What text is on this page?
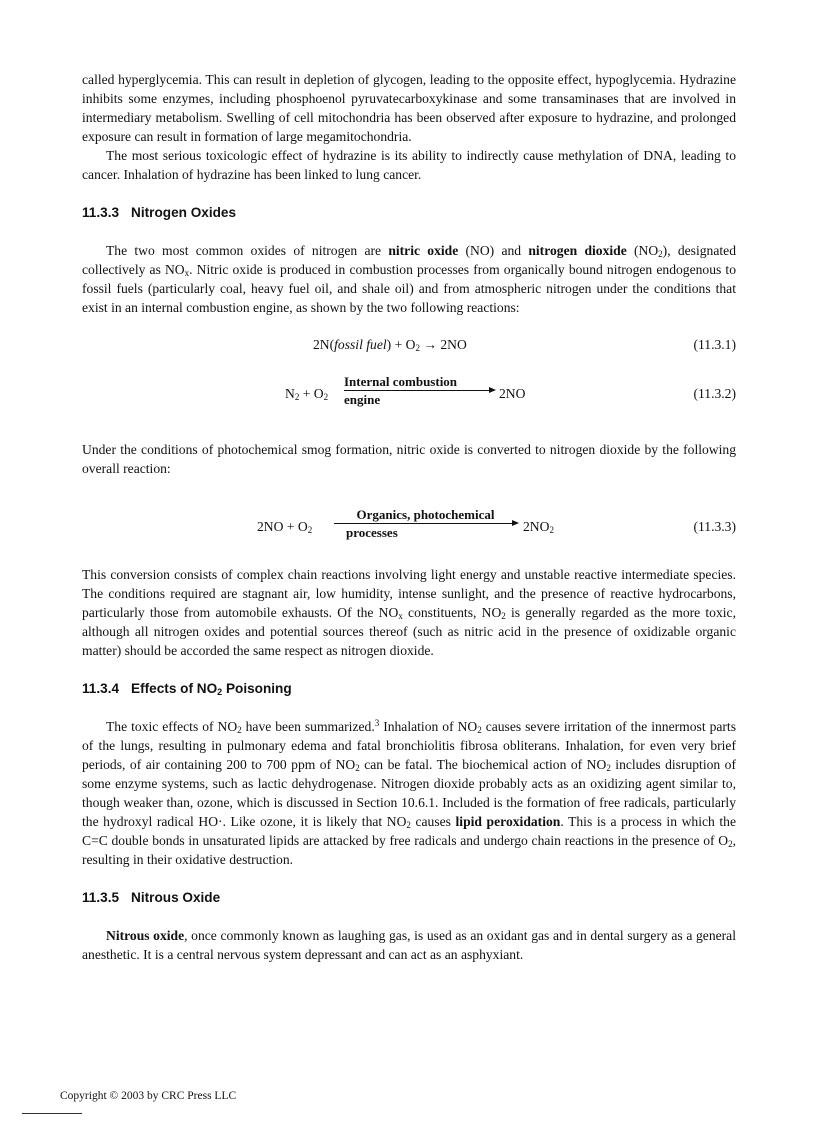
called hyperglycemia. This can result in depletion of glycogen, leading to the opposite effect, hypoglycemia. Hydrazine inhibits some enzymes, including phosphoenol pyruvatecarboxykinase and some transaminases that are involved in intermediary metabolism. Swelling of cell mitochondria has been observed after exposure to hydrazine, and prolonged exposure can result in formation of large megamitochondria.

The most serious toxicologic effect of hydrazine is its ability to indirectly cause methylation of DNA, leading to cancer. Inhalation of hydrazine has been linked to lung cancer.

11.3.3 Nitrogen Oxides

The two most common oxides of nitrogen are nitric oxide (NO) and nitrogen dioxide $(NO_2)$, designated collectively as $NO_x$. Nitric oxide is produced in combustion processes from organically bound nitrogen endogenous to fossil fuels (particularly coal, heavy fuel oil, and shale oil) and from atmospheric nitrogen under the conditions that exist in an internal combustion engine, as shown by the two following reactions:

2N(fossil fuel) + $O_2 \to 2NO$	(11.3.1)
$N_2 + O_2$
Internal combustion
engine	2NO	(11.3.2)

Under the conditions of photochemical smog formation, nitric oxide is converted to nitrogen dioxide by the following overall reaction:

$2NO + O_2$
Organics, photochemical
processes	$2NO_2$	(11.3.3)

This conversion consists of complex chain reactions involving light energy and unstable reactive intermediate species. The conditions required are stagnant air, low humidity, intense sunlight, and the presence of reactive hydrocarbons, particularly those from automobile exhausts. Of the $NO_x$ constituents, $NO_2$ is generally regarded as the more toxic, although all nitrogen oxides and potential sources thereof (such as nitric acid in the presence of oxidizable organic matter) should be accorded the same respect as nitrogen dioxide.

11.3.4 Effects of $NO_2$ Poisoning

The toxic effects of $NO_2$ have been summarized.$^3$ Inhalation of $NO_2$ causes severe irritation of the innermost parts of the lungs, resulting in pulmonary edema and fatal bronchiolitis fibrosa obliterans. Inhalation, for even very brief periods, of air containing 200 to 700 ppm of $NO_2$ can be fatal. The biochemical action of $NO_2$ includes disruption of some enzyme systems, such as lactic dehydrogenase. Nitrogen dioxide probably acts as an oxidizing agent similar to, though weaker than, ozone, which is discussed in Section 10.6.1. Included is the formation of free radicals, particularly the hydroxyl radical HO·. Like ozone, it is likely that $NO_2$ causes lipid peroxidation. This is a process in which the C=C double bonds in unsaturated lipids are attacked by free radicals and undergo chain reactions in the presence of $O_2$, resulting in their oxidative destruction.

11.3.5 Nitrous Oxide

Nitrous oxide, once commonly known as laughing gas, is used as an oxidant gas and in dental surgery as a general anesthetic. It is a central nervous system depressant and can act as an asphyxiant.

Copyright © 2003 by CRC Press LLC
